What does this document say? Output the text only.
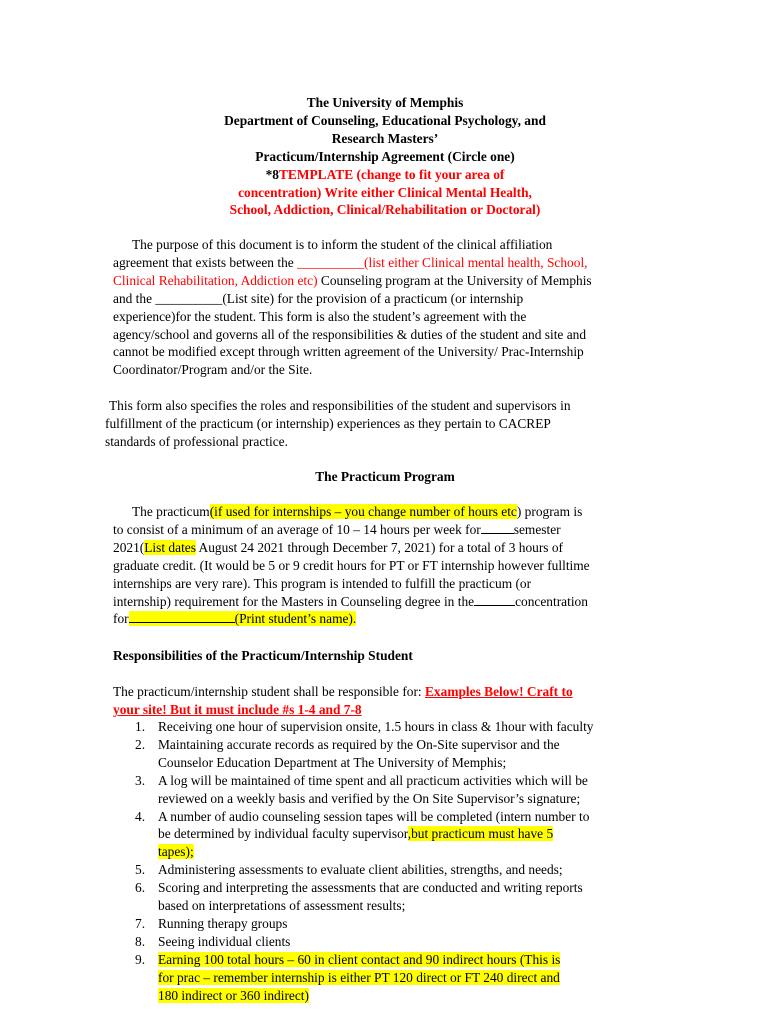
The University of Memphis
Department of Counseling, Educational Psychology, and
Research Masters’
Practicum/Internship Agreement (Circle one)
*8TEMPLATE (change to fit your area of
concentration) Write either Clinical Mental Health,
School, Addiction, Clinical/Rehabilitation or Doctoral)
The purpose of this document is to inform the student of the clinical affiliation
agreement that exists between the __________(list either Clinical mental health, School,
Clinical Rehabilitation, Addiction etc) Counseling program at the University of Memphis
and the __________(List site) for the provision of a practicum (or internship
experience)for the student. This form is also the student’s agreement with the
agency/school and governs all of the responsibilities & duties of the student and site and
cannot be modified except through written agreement of the University/ Prac-Internship
Coordinator/Program and/or the Site.
This form also specifies the roles and responsibilities of the student and supervisors in
fulfillment of the practicum (or internship) experiences as they pertain to CACREP
standards of professional practice.
The Practicum Program
The practicum(if used for internships – you change number of hours etc) program is
to consist of a minimum of an average of 10 – 14 hours per week for semester
2021(List dates August 24 2021 through December 7, 2021) for a total of 3 hours of
graduate credit. (It would be 5 or 9 credit hours for PT or FT internship however fulltime
internships are very rare). This program is intended to fulfill the practicum (or
internship) requirement for the Masters in Counseling degree in the	concentration
for	(Print student’s name).
Responsibilities of the Practicum/Internship Student
The practicum/internship student shall be responsible for: Examples Below! Craft to
your site! But it must include #s 1-4 and 7-8
1. Receiving one hour of supervision onsite, 1.5 hours in class & 1hour with faculty
2. Maintaining accurate records as required by the On-Site supervisor and the
Counselor Education Department at The University of Memphis;
3. A log will be maintained of time spent and all practicum activities which will be
reviewed on a weekly basis and verified by the On Site Supervisor’s signature;
4. A number of audio counseling session tapes will be completed (intern number to
be determined by individual faculty supervisor,but practicum must have 5
tapes);
5. Administering assessments to evaluate client abilities, strengths, and needs;
6. Scoring and interpreting the assessments that are conducted and writing reports
based on interpretations of assessment results;
7. Running therapy groups
8. Seeing individual clients
9. Earning 100 total hours – 60 in client contact and 90 indirect hours (This is
for prac – remember internship is either PT 120 direct or FT 240 direct and
180 indirect or 360 indirect)
